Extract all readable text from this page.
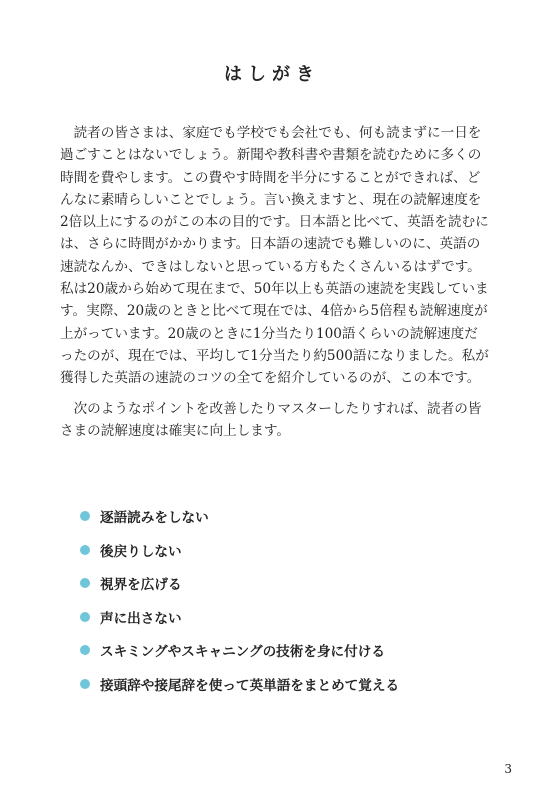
はしがき

読者の皆さまは、家庭でも学校でも会社でも、何も読まずに一日を過ごすことはないでしょう。新聞や教科書や書類を読むために多くの時間を費やします。この費やす時間を半分にすることができれば、どんなに素晴らしいことでしょう。言い換えますと、現在の読解速度を2倍以上にするのがこの本の目的です。日本語と比べて、英語を読むには、さらに時間がかかります。日本語の速読でも難しいのに、英語の速読なんか、できはしないと思っている方もたくさんいるはずです。私は20歳から始めて現在まで、50年以上も英語の速読を実践しています。実際、20歳のときと比べて現在では、4倍から5倍程も読解速度が上がっています。20歳のときに1分当たり100語くらいの読解速度だったのが、現在では、平均して1分当たり約500語になりました。私が獲得した英語の速読のコツの全てを紹介しているのが、この本です。

次のようなポイントを改善したりマスターしたりすれば、読者の皆さまの読解速度は確実に向上します。

逐語読みをしない
後戻りしない
視界を広げる
声に出さない
スキミングやスキャニングの技術を身に付ける
接頭辞や接尾辞を使って英単語をまとめて覚える
3
